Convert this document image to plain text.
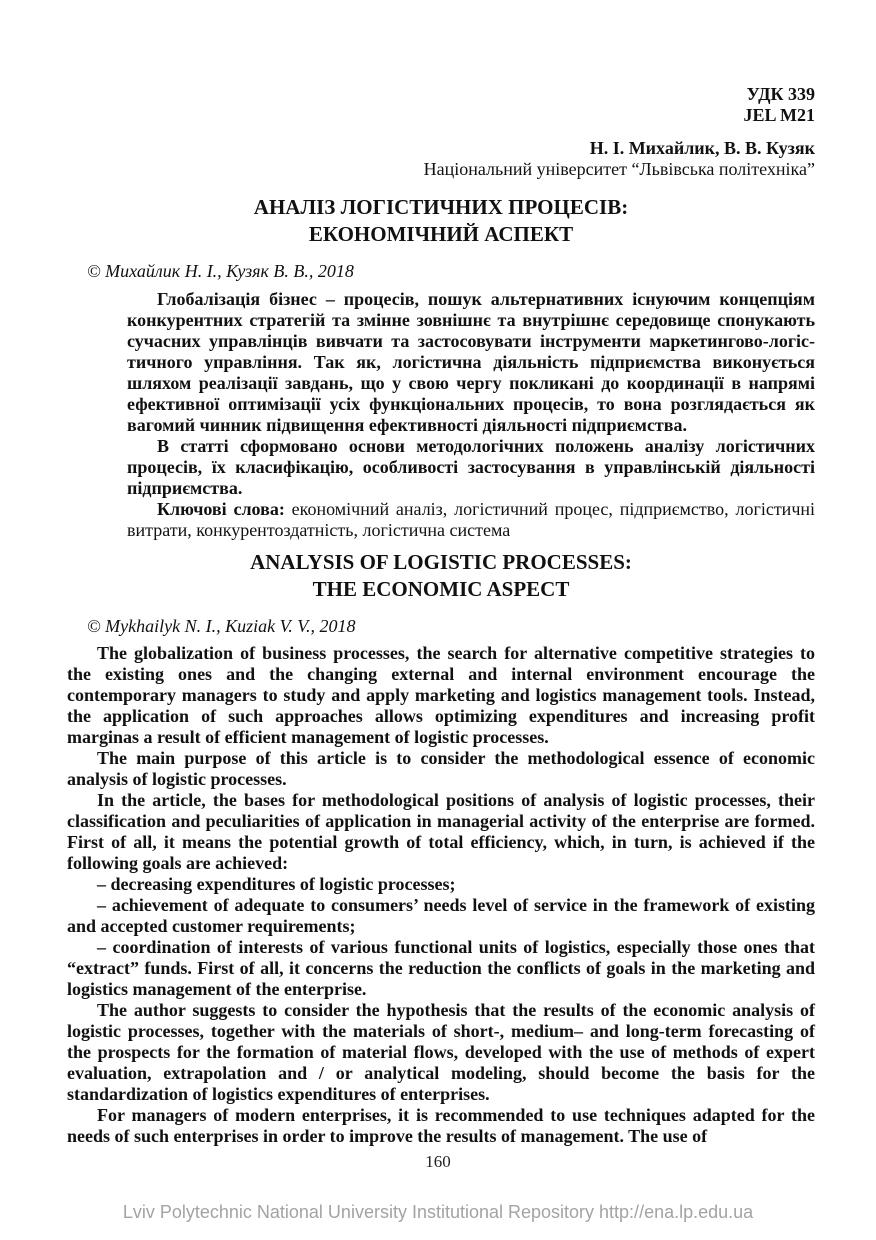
УДК 339
JEL M21
Н. І. Михайлик, В. В. Кузяк
Національний університет “Львівська політехніка”
АНАЛІЗ ЛОГІСТИЧНИХ ПРОЦЕСІВ:
ЕКОНОМІЧНИЙ АСПЕКТ
© Михайлик Н. І., Кузяк В. В., 2018

Глобалізація бізнес – процесів, пошук альтернативних існуючим концепціям конкурентних стратегій та змінне зовнішнє та внутрішнє середовище спонукають сучасних управлінців вивчати та застосовувати інструменти маркетингово-логіс-тичного управління. Так як, логістична діяльність підприємства виконується шляхом реалізації завдань, що у свою чергу покликані до координації в напрямі ефективної оптимізації усіх функціональних процесів, то вона розглядається як вагомий чинник підвищення ефективності діяльності підприємства.

В статті сформовано основи методологічних положень аналізу логістичних процесів, їх класифікацію, особливості застосування в управлінській діяльності підприємства.

Ключові слова: економічний аналіз, логістичний процес, підприємство, логістичні витрати, конкурентоздатність, логістична система

ANALYSIS OF LOGISTIC PROCESSES:
THE ECONOMIC ASPECT
© Mykhailyk N. I., Kuziak V. V., 2018

The globalization of business processes, the search for alternative competitive strategies to the existing ones and the changing external and internal environment encourage the contemporary managers to study and apply marketing and logistics management tools. Instead, the application of such approaches allows optimizing expenditures and increasing profit marginas a result of efficient management of logistic processes.

The main purpose of this article is to consider the methodological essence of economic analysis of logistic processes.

In the article, the bases for methodological positions of analysis of logistic processes, their classification and peculiarities of application in managerial activity of the enterprise are formed. First of all, it means the potential growth of total efficiency, which, in turn, is achieved if the following goals are achieved:

– decreasing expenditures of logistic processes;

– achievement of adequate to consumers’ needs level of service in the framework of existing and accepted customer requirements;

– coordination of interests of various functional units of logistics, especially those ones that “extract” funds. First of all, it concerns the reduction the conflicts of goals in the marketing and logistics management of the enterprise.

The author suggests to consider the hypothesis that the results of the economic analysis of logistic processes, together with the materials of short-, medium– and long-term forecasting of the prospects for the formation of material flows, developed with the use of methods of expert evaluation, extrapolation and / or analytical modeling, should become the basis for the standardization of logistics expenditures of enterprises.

For managers of modern enterprises, it is recommended to use techniques adapted for the needs of such enterprises in order to improve the results of management. The use of

160
Lviv Polytechnic National University Institutional Repository http://ena.lp.edu.ua
